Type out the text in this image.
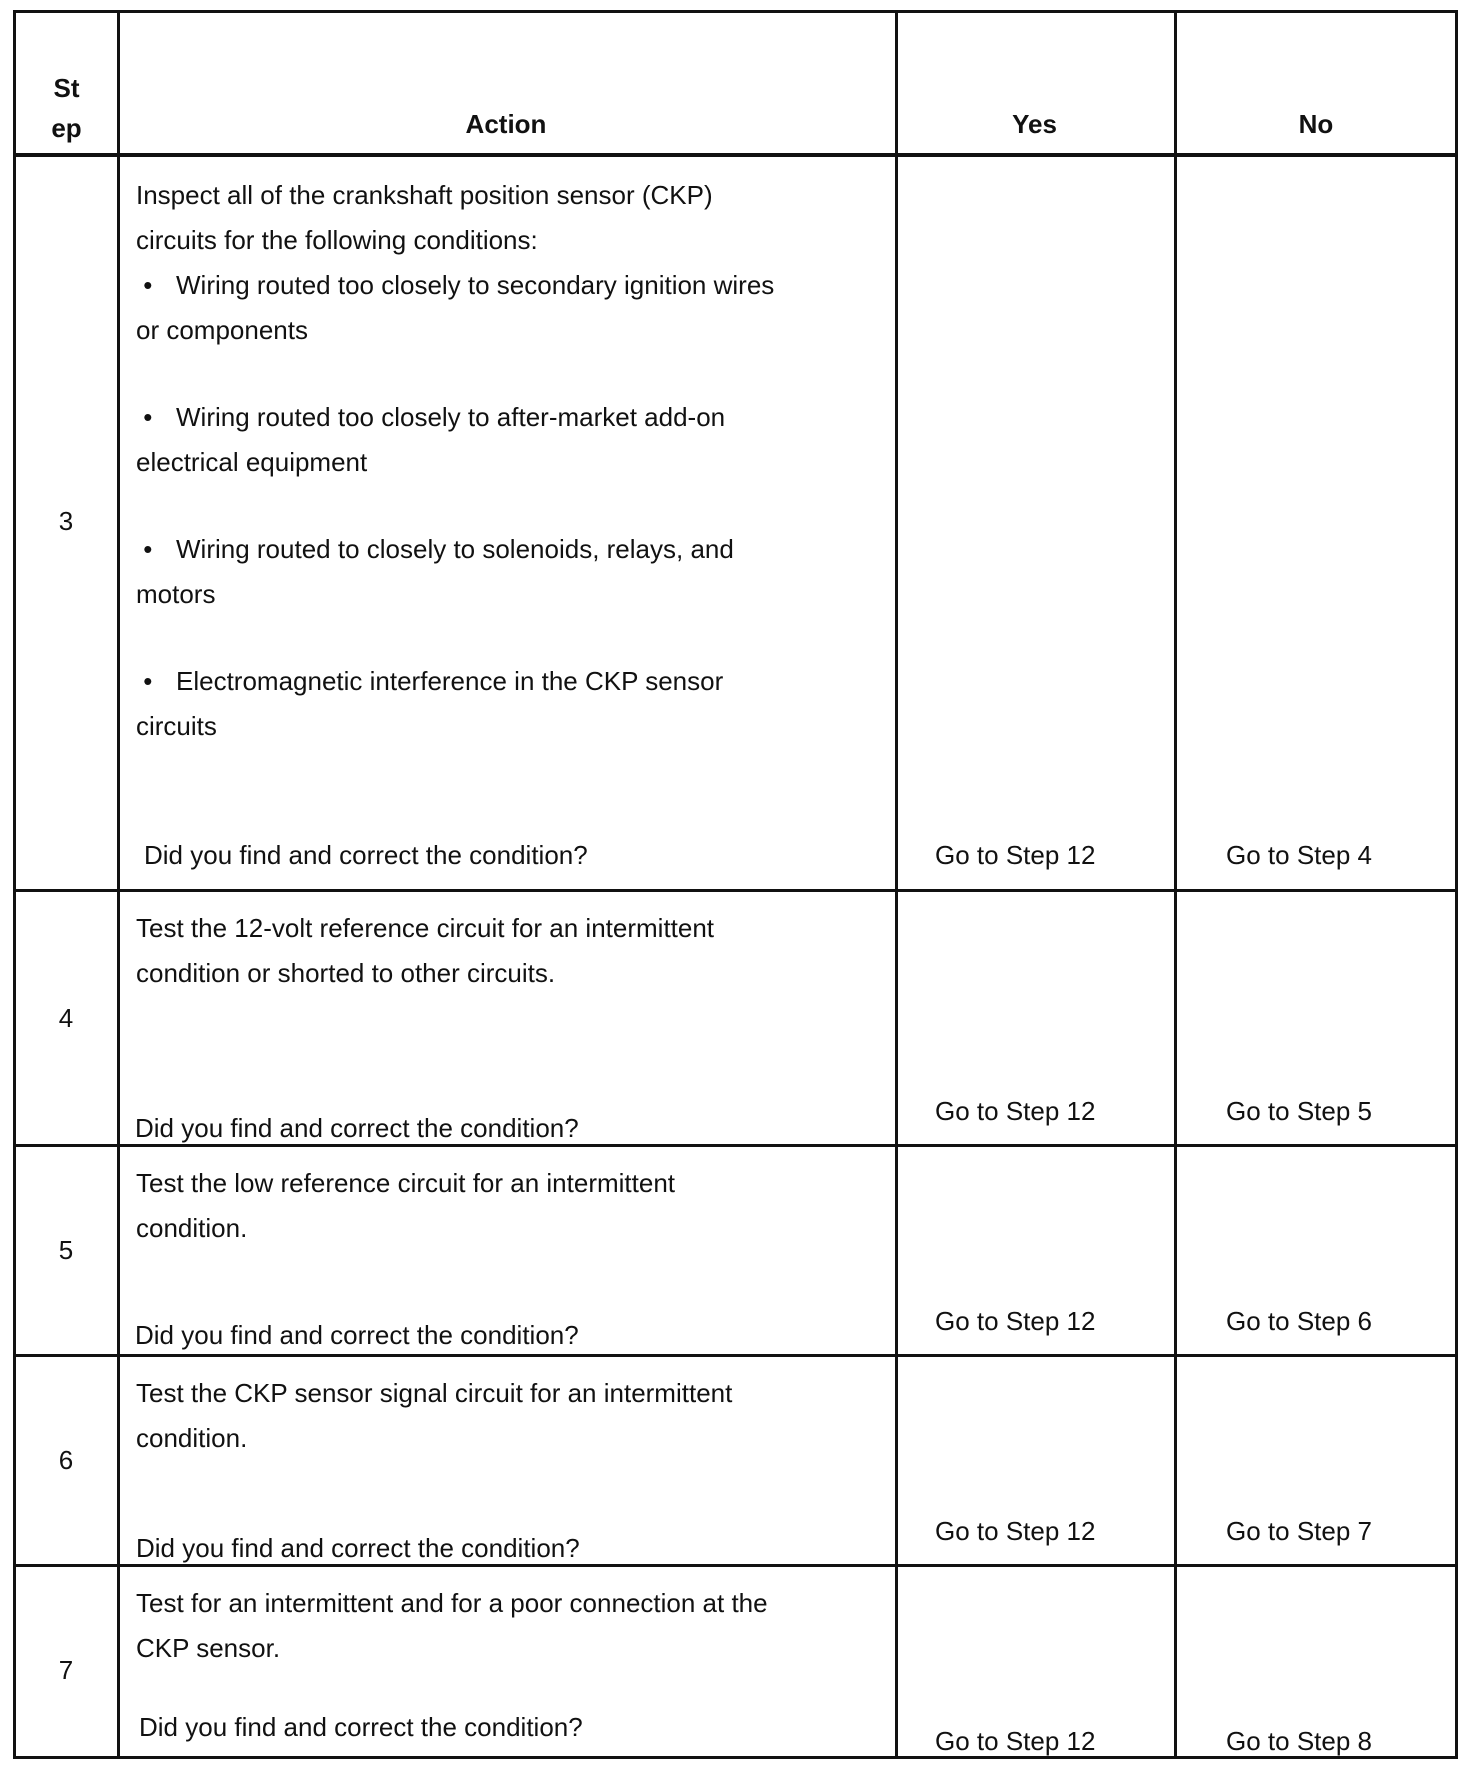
St
ep	Action	Yes	No
3
Inspect all of the crankshaft position sensor (CKP)
circuits for the following conditions:
• Wiring routed too closely to secondary ignition wires
or components
• Wiring routed too closely to after-market add-on
electrical equipment
• Wiring routed to closely to solenoids, relays, and
motors
• Electromagnetic interference in the CKP sensor
circuits
Did you find and correct the condition?	Go to Step 12	Go to Step 4
4
Test the 12-volt reference circuit for an intermittent
condition or shorted to other circuits.
Did you find and correct the condition?
Go to Step 12	Go to Step 5
5
Test the low reference circuit for an intermittent
condition.
Did you find and correct the condition?	Go to Step 12	Go to Step 6
6
Test the CKP sensor signal circuit for an intermittent
condition.
Did you find and correct the condition?
Go to Step 12	Go to Step 7
7
Test for an intermittent and for a poor connection at the
CKP sensor.
Did you find and correct the condition?	Go to Step 12	Go to Step 8
